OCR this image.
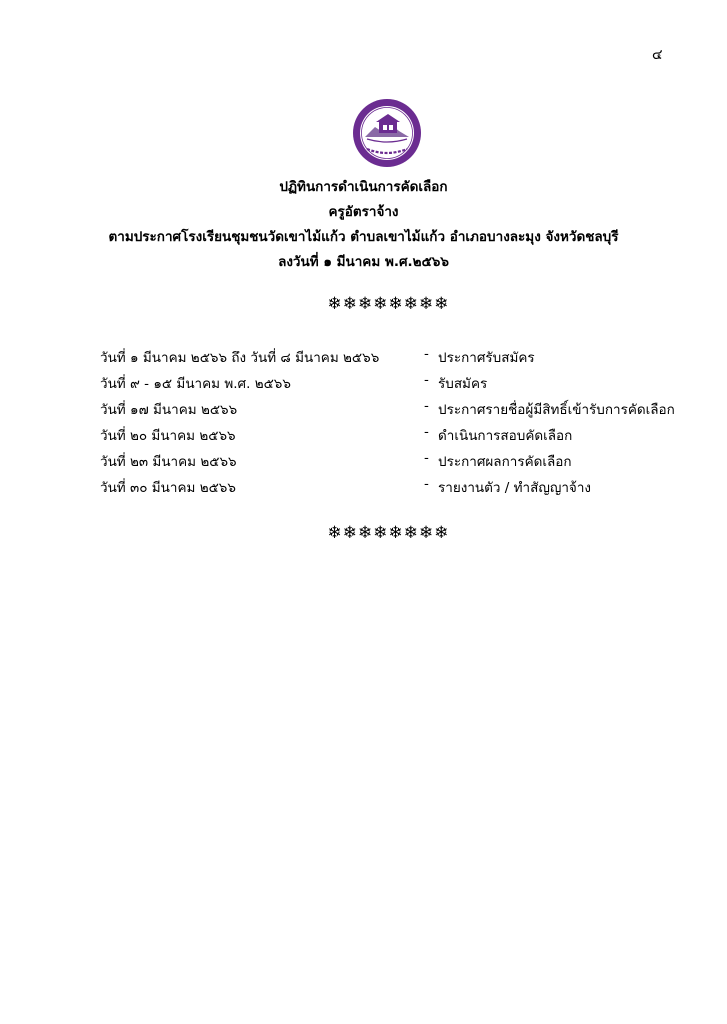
๔
ปฏิทินการดำเนินการคัดเลือก
ครูอัตราจ้าง
ตามประกาศโรงเรียนชุมชนวัดเขาไม้แก้ว ตำบลเขาไม้แก้ว อำเภอบางละมุง จังหวัดชลบุรี
ลงวันที่ ๑ มีนาคม พ.ศ.๒๕๖๖
❄❄❄❄❄❄❄❄
วันที่ ๑ มีนาคม ๒๕๖๖ ถึง วันที่ ๘ มีนาคม ๒๕๖๖	- ประกาศรับสมัคร
วันที่ ๙ - ๑๕ มีนาคม พ.ศ. ๒๕๖๖	- รับสมัคร
วันที่ ๑๗ มีนาคม ๒๕๖๖	- ประกาศรายชื่อผู้มีสิทธิ์เข้ารับการคัดเลือก
วันที่ ๒๐ มีนาคม ๒๕๖๖	- ดำเนินการสอบคัดเลือก
วันที่ ๒๓ มีนาคม ๒๕๖๖	- ประกาศผลการคัดเลือก
วันที่ ๓๐ มีนาคม ๒๕๖๖	- รายงานตัว / ทำสัญญาจ้าง
❄❄❄❄❄❄❄❄
